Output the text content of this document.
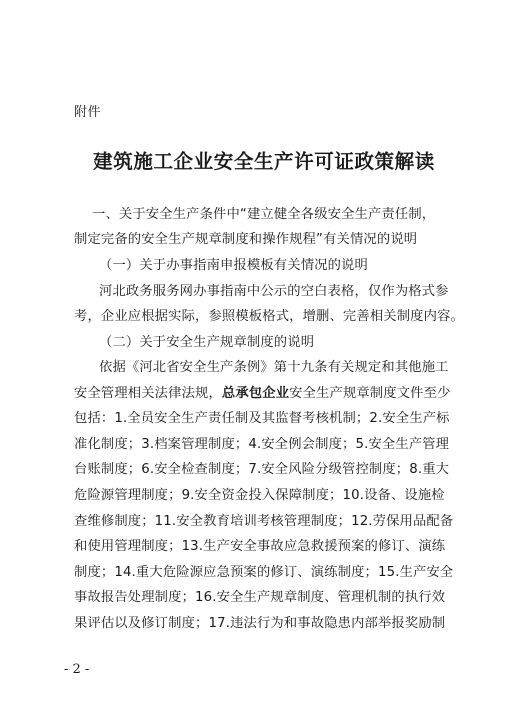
附件
建筑施工企业安全生产许可证政策解读
一、关于安全生产条件中“建立健全各级安全生产责任制，
制定完备的安全生产规章制度和操作规程”有关情况的说明
（一）关于办事指南申报模板有关情况的说明
河北政务服务网办事指南中公示的空白表格，仅作为格式参
考，企业应根据实际，参照模板格式，增删、完善相关制度内容。
（二）关于安全生产规章制度的说明
依据《河北省安全生产条例》第十九条有关规定和其他施工
安全管理相关法律法规，总承包企业安全生产规章制度文件至少
包括：1.全员安全生产责任制及其监督考核机制；2.安全生产标
准化制度；3.档案管理制度；4.安全例会制度；5.安全生产管理
台账制度；6.安全检查制度；7.安全风险分级管控制度；8.重大
危险源管理制度；9.安全资金投入保障制度；10.设备、设施检
查维修制度；11.安全教育培训考核管理制度；12.劳保用品配备
和使用管理制度；13.生产安全事故应急救援预案的修订、演练
制度；14.重大危险源应急预案的修订、演练制度；15.生产安全
事故报告处理制度；16.安全生产规章制度、管理机制的执行效
果评估以及修订制度；17.违法行为和事故隐患内部举报奖励制
- 2 -
